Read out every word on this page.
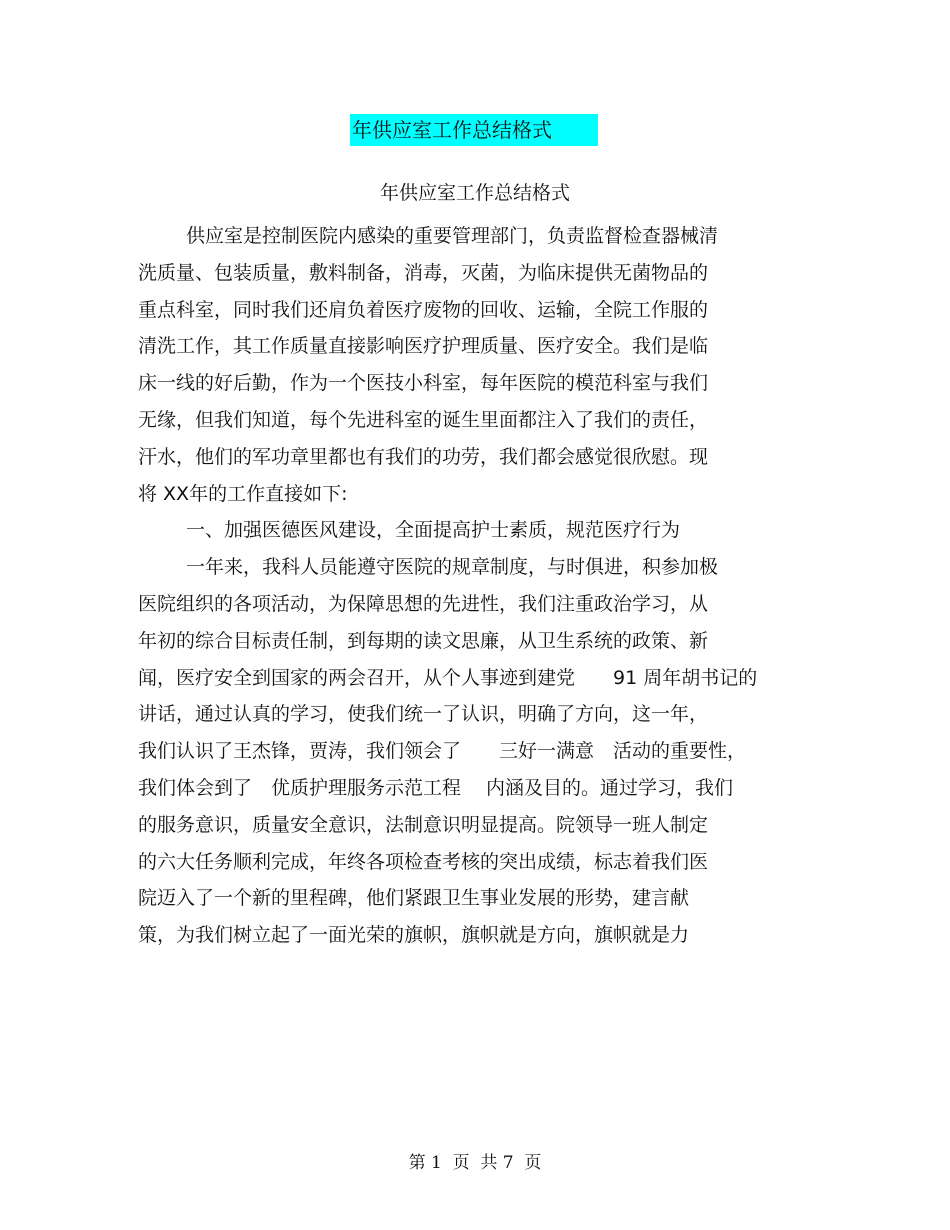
年供应室工作总结格式
年供应室工作总结格式
供应室是控制医院内感染的重要管理部门，负责监督检查器械清
洗质量、包装质量，敷料制备，消毒，灭菌，为临床提供无菌物品的
重点科室，同时我们还肩负着医疗废物的回收、运输，全院工作服的
清洗工作，其工作质量直接影响医疗护理质量、医疗安全。我们是临
床一线的好后勤，作为一个医技小科室，每年医院的模范科室与我们
无缘，但我们知道，每个先进科室的诞生里面都注入了我们的责任，
汗水，他们的军功章里都也有我们的功劳，我们都会感觉很欣慰。现
将 XX年的工作直接如下:
一、加强医德医风建设，全面提高护士素质，规范医疗行为
一年来，我科人员能遵守医院的规章制度，与时俱进，积参加极
医院组织的各项活动，为保障思想的先进性，我们注重政治学习，从
年初的综合目标责任制，到每期的读文思廉，从卫生系统的政策、新
闻，医疗安全到国家的两会召开，从个人事迹到建党　　91 周年胡书记的
讲话，通过认真的学习，使我们统一了认识，明确了方向，这一年，
我们认识了王杰锋，贾涛，我们领会了　　三好一满意　活动的重要性，
我们体会到了　优质护理服务示范工程　 内涵及目的。通过学习，我们
的服务意识，质量安全意识，法制意识明显提高。院领导一班人制定
的六大任务顺利完成，年终各项检查考核的突出成绩，标志着我们医
院迈入了一个新的里程碑，他们紧跟卫生事业发展的形势，建言献
策，为我们树立起了一面光荣的旗帜，旗帜就是方向，旗帜就是力
第 1  页  共 7  页
